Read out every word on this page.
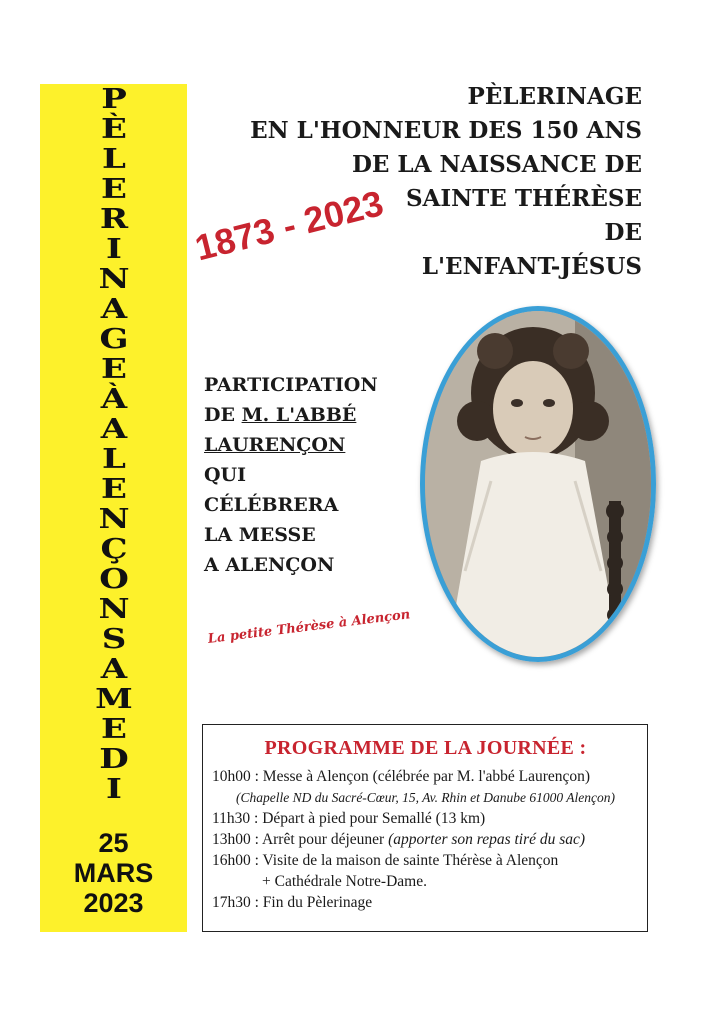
P
È
L
E
R
I
N
A
G
E
À
A
L
E
N
Ç
O
N
S
A
M
E
D
I
25
MARS
2023
PÈLERINAGE
EN L'HONNEUR DES 150 ANS
DE LA NAISSANCE DE
SAINTE THÉRÈSE
DE
L'ENFANT-JÉSUS
1873 - 2023
PARTICIPATION
DE M. L'ABBÉ
LAURENÇON
QUI
CÉLÉBRERA
LA MESSE
A ALENÇON
La petite Thérèse à Alençon
PROGRAMME DE LA JOURNÉE :
10h00 : Messe à Alençon (célébrée par M. l'abbé Laurençon)
(Chapelle ND du Sacré-Cœur, 15, Av. Rhin et Danube 61000 Alençon)
11h30 : Départ à pied pour Semallé (13 km)
13h00 : Arrêt pour déjeuner (apporter son repas tiré du sac)
16h00 : Visite de la maison de sainte Thérèse à Alençon
+ Cathédrale Notre-Dame.
17h30 : Fin du Pèlerinage
